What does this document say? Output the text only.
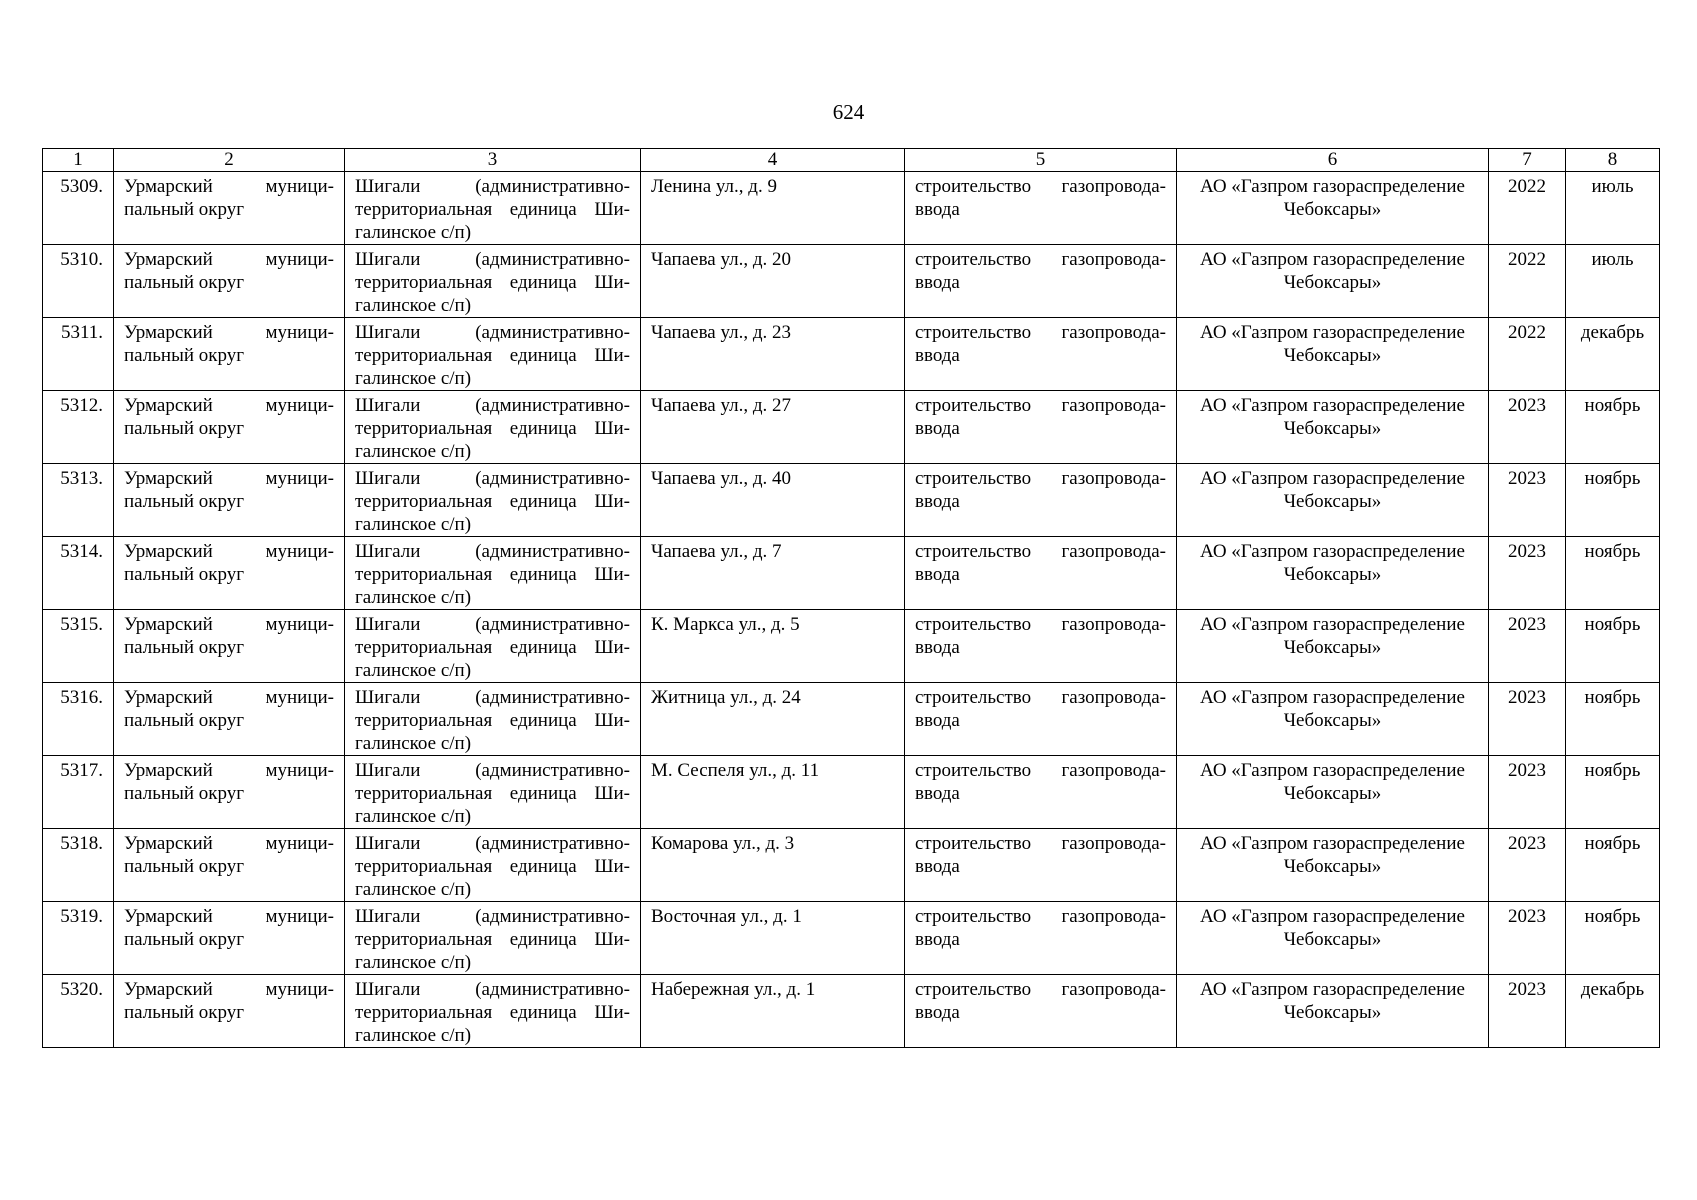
624
1	2	3	4	5	6	7	8
5309.	Урмарский муници-пальный округ	Шигали (административно-территориальная единица Ши-галинское с/п)	Ленина ул., д. 9	строительство газопровода-ввода	АО «Газпром газораспределение Чебоксары»	2022	июль
5310.	Урмарский муници-пальный округ	Шигали (административно-территориальная единица Ши-галинское с/п)	Чапаева ул., д. 20	строительство газопровода-ввода	АО «Газпром газораспределение Чебоксары»	2022	июль
5311.	Урмарский муници-пальный округ	Шигали (административно-территориальная единица Ши-галинское с/п)	Чапаева ул., д. 23	строительство газопровода-ввода	АО «Газпром газораспределение Чебоксары»	2022	декабрь
5312.	Урмарский муници-пальный округ	Шигали (административно-территориальная единица Ши-галинское с/п)	Чапаева ул., д. 27	строительство газопровода-ввода	АО «Газпром газораспределение Чебоксары»	2023	ноябрь
5313.	Урмарский муници-пальный округ	Шигали (административно-территориальная единица Ши-галинское с/п)	Чапаева ул., д. 40	строительство газопровода-ввода	АО «Газпром газораспределение Чебоксары»	2023	ноябрь
5314.	Урмарский муници-пальный округ	Шигали (административно-территориальная единица Ши-галинское с/п)	Чапаева ул., д. 7	строительство газопровода-ввода	АО «Газпром газораспределение Чебоксары»	2023	ноябрь
5315.	Урмарский муници-пальный округ	Шигали (административно-территориальная единица Ши-галинское с/п)	К. Маркса ул., д. 5	строительство газопровода-ввода	АО «Газпром газораспределение Чебоксары»	2023	ноябрь
5316.	Урмарский муници-пальный округ	Шигали (административно-территориальная единица Ши-галинское с/п)	Житница ул., д. 24	строительство газопровода-ввода	АО «Газпром газораспределение Чебоксары»	2023	ноябрь
5317.	Урмарский муници-пальный округ	Шигали (административно-территориальная единица Ши-галинское с/п)	М. Сеспеля ул., д. 11	строительство газопровода-ввода	АО «Газпром газораспределение Чебоксары»	2023	ноябрь
5318.	Урмарский муници-пальный округ	Шигали (административно-территориальная единица Ши-галинское с/п)	Комарова ул., д. 3	строительство газопровода-ввода	АО «Газпром газораспределение Чебоксары»	2023	ноябрь
5319.	Урмарский муници-пальный округ	Шигали (административно-территориальная единица Ши-галинское с/п)	Восточная ул., д. 1	строительство газопровода-ввода	АО «Газпром газораспределение Чебоксары»	2023	ноябрь
5320.	Урмарский муници-пальный округ	Шигали (административно-территориальная единица Ши-галинское с/п)	Набережная ул., д. 1	строительство газопровода-ввода	АО «Газпром газораспределение Чебоксары»	2023	декабрь
